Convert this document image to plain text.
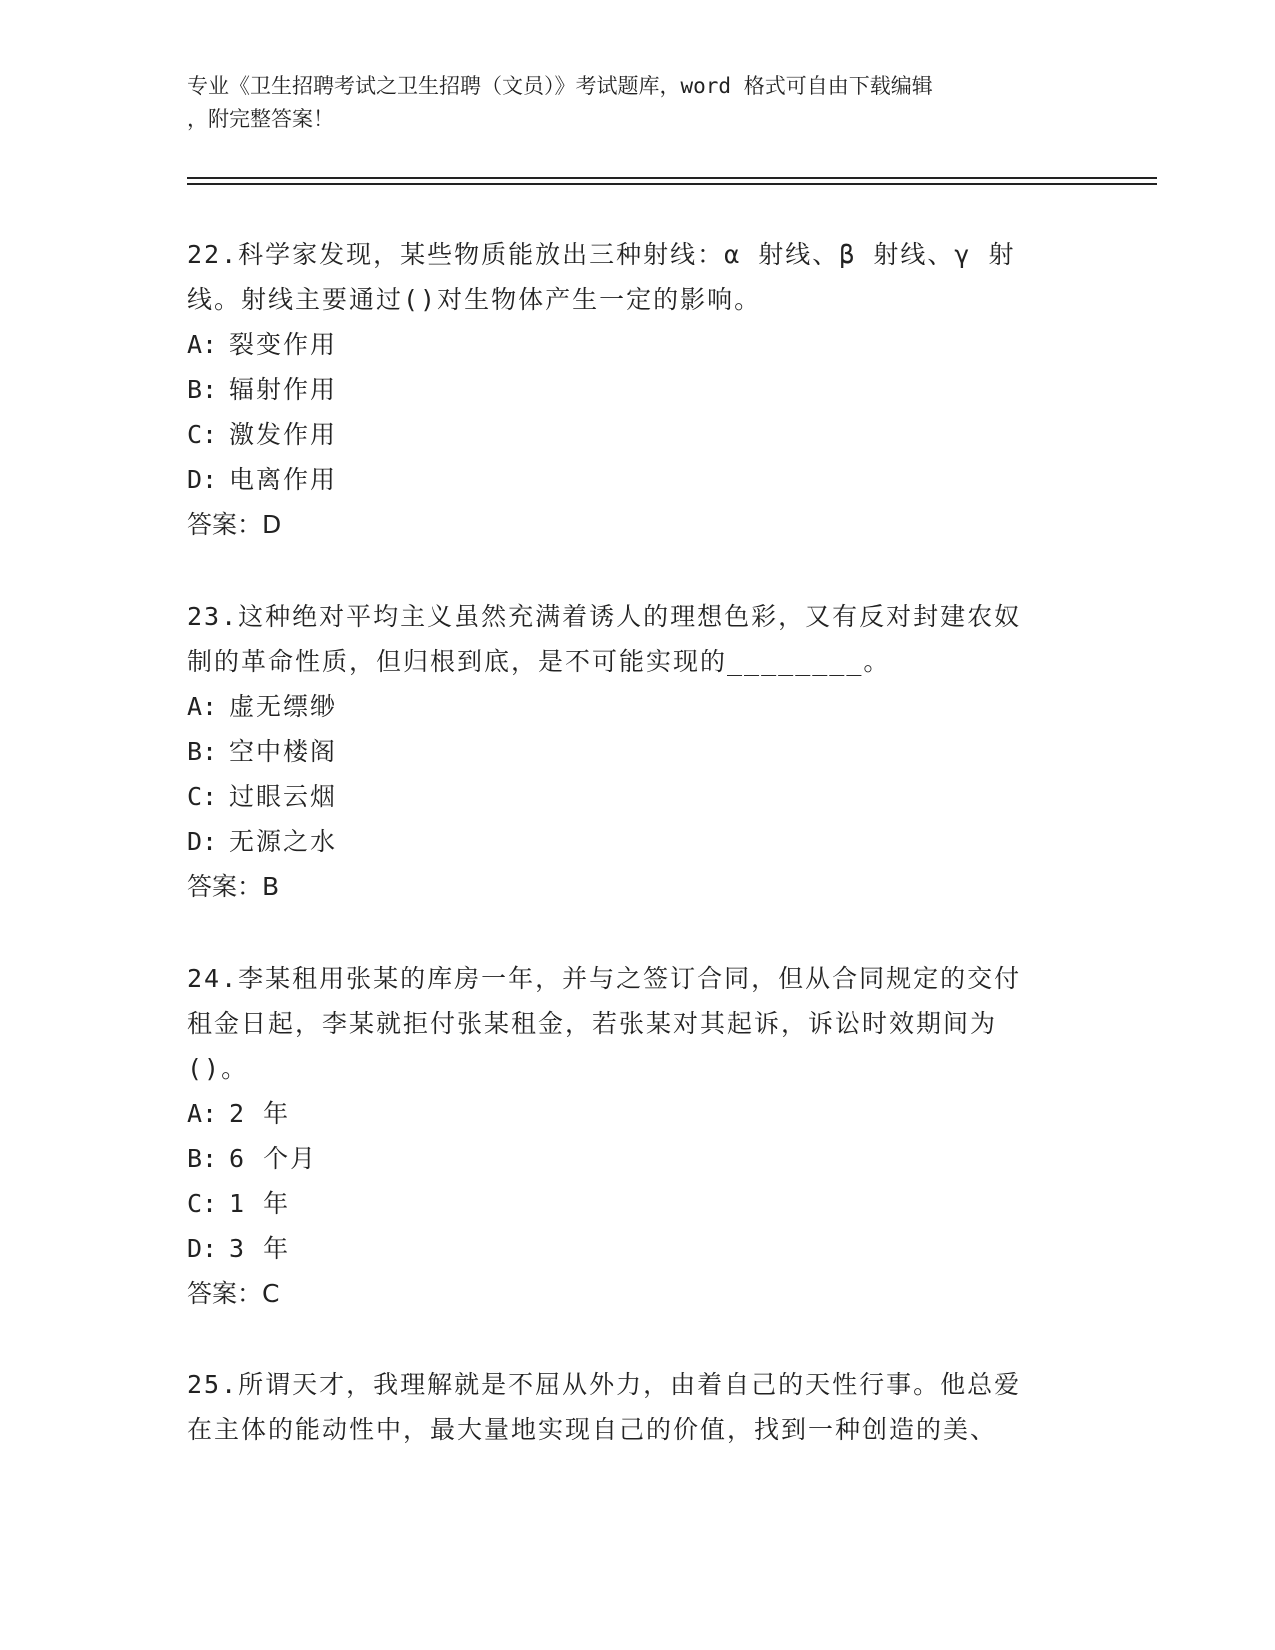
专业《卫生招聘考试之卫生招聘（文员）》考试题库，word 格式可自由下载编辑
，附完整答案！
22.科学家发现，某些物质能放出三种射线：α 射线、β 射线、γ 射
线。射线主要通过()对生物体产生一定的影响。
A: 裂变作用
B: 辐射作用
C: 激发作用
D: 电离作用
答案：D
23.这种绝对平均主义虽然充满着诱人的理想色彩，又有反对封建农奴
制的革命性质，但归根到底，是不可能实现的________。
A: 虚无缥缈
B: 空中楼阁
C: 过眼云烟
D: 无源之水
答案：B
24.李某租用张某的库房一年，并与之签订合同，但从合同规定的交付
租金日起，李某就拒付张某租金，若张某对其起诉，诉讼时效期间为
()。
A: 2 年
B: 6 个月
C: 1 年
D: 3 年
答案：C
25.所谓天才，我理解就是不屈从外力，由着自己的天性行事。他总爱
在主体的能动性中，最大量地实现自己的价值，找到一种创造的美、
